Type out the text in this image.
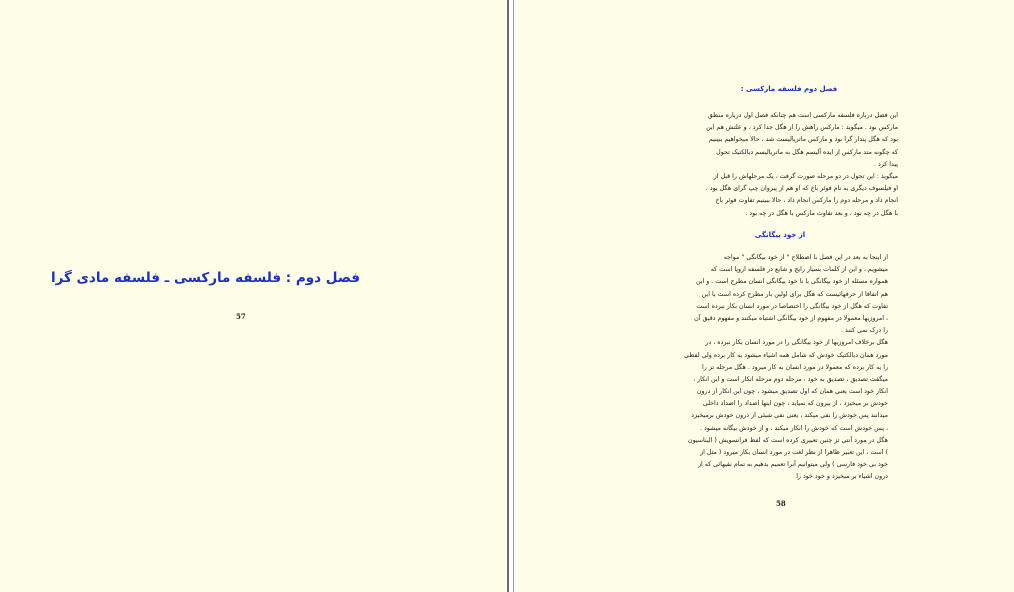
فصل دوم : فلسفه مارکسی ـ فلسفه مادی گرا
57
فصل دوم فلسفه مارکسی :
این فصل درباره فلسفه مارکسی است هم چنانکه فصل اول درباره منطق
مارکس بود . میگوید : مارکس راهش را از هگل جدا کرد ، و علتش هم این
بود که هگل پندار گرا بود و مارکس ماتریالیست شد ، حالا میخواهیم ببینیم
که چگونه متد مارکس از ایده آلیسم هگل به ماتریالیسم دیالکتیک تحول
پیدا کرد .
میگوید : این تحول در دو مرحله صورت گرفت ، یک مرحلهاش را قبل از
او فیلسوف دیگری به نام فوئر باخ که او هم از پیروان چپ گرای هگل بود ،
انجام داد و مرحله دوم را مارکس انجام داد ، حالا ببینیم تفاوت فوئر باخ
با هگل در چه بود ، و بعد تفاوت مارکس با هگل در چه بود .
از خود بیگانگی
از اینجا به بعد در این فصل با اصطلاح " از خود بیگانگی " مواجه
میشویم ، و این از کلمات بسیار رایج و شایع در فلسفه اروپا است که
همواره مسئله از خود بیگانگی یا نا خود بیگانگی انسان مطرح است . و این
هم اتفاقا از حرفهائیست که هگل برای اولین بار مطرح کرده است با این
تفاوت که هگل از خود بیگانگی را اختصاصا در مورد انسان بکار نبرده است
، امروزیها معمولا در مفهوم از خود بیگانگی اشتباه میکنند و مفهوم دقیق آن
را درک نمی کنند .
هگل برخلاف امروزیها از خود بیگانگی را در مورد انسان بکار نبرده ، در
مورد همان دیالکتیک خودش که شامل همه اشیاء میشود به کار برده ولی لفظی
را به کار برده که معمولا در مورد انسان به کار میرود . هگل مرحله تز را
میگفت تصدیق ، تصدیق به خود ، مرحله دوم مرحله انکار است و این انکار ،
انکار خود است یعنی همان که اول تصدیق میشود ، چون این انکار از درون
خودش بر میخیزد ، از بیرون که نمیاید ، چون اینها اضداد را اضداد داخلی
میدانند پس خودش را نفی میکند ، یعنی نفی شیئی از درون خودش برمیخیزد
، پس خودش است که خودش را انکار میکند ، و از خودش بیگانه میشود .
هگل در مورد آنتی تز چنین تعبیری کرده است که لفظ فرانسویش ( الیناسیون
) است ، این تعبیر ظاهرا از نظر لغت در مورد انسان بکار میرود ( مثل از
خود بی خود فارسی ) ولی میتوانیم آنرا تعمیم بدهیم به تمام نفیهائی که از
درون اشیاء بر میخیزد و خود خود را
58
